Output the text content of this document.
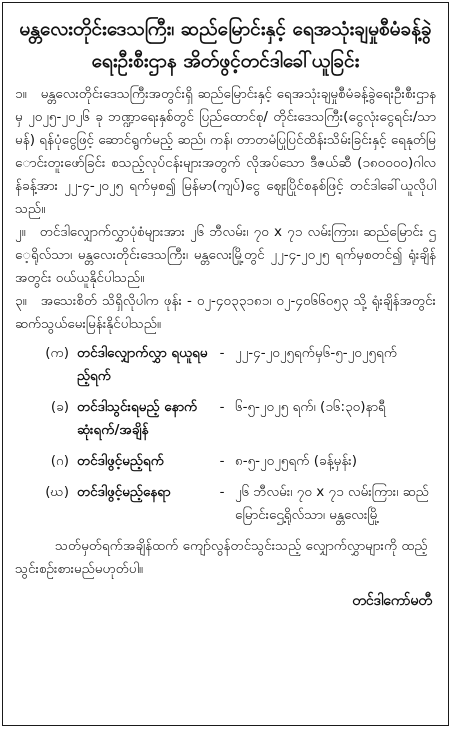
မန္တလေးတိုင်းဒေသကြီး၊ ဆည်မြောင်းနှင့် ရေအသုံးချမှုစီမံခန့်ခွဲရေးဦးစီးဌာန အိတ်ဖွင့်တင်ဒါခေါ်ယူခြင်း

၁။ မန္တလေးတိုင်းဒေသကြီးအတွင်းရှိ ဆည်မြောင်းနှင့် ရေအသုံးချမှုစီမံခန့်ခွဲရေးဦးစီးဌာနမှ ၂၀၂၅-၂၀၂၆ ခု ဘဏ္ဍာရေးနှစ်တွင် ပြည်ထောင်စု/ တိုင်းဒေသကြီး(ငွေလုံးငွေရင်း/သာမန်) ရန်ပုံငွေဖြင့် ဆောင်ရွက်မည့် ဆည်၊ ကန်၊ တာတမံပြုပြင်ထိန်းသိမ်းခြင်းနှင့် ရေနုတ်မြောင်းတူးဖော်ခြင်း စသည့်လုပ်ငန်းများအတွက် လိုအပ်သော ဒီဇယ်ဆီ (၁၈၀၀၀၀)ဂါလန်ခန့်အား ၂၂-၄-၂၀၂၅ ရက်မှစ၍ မြန်မာ(ကျပ်)ငွေ ဈေးပြိုင်စနစ်ဖြင့် တင်ဒါခေါ်ယူလိုပါသည်။

၂။ တင်ဒါလျှောက်လွှာပုံစံများအား ၂၆ ဘီလမ်း၊ ၇၀ x ၇၁ လမ်းကြား၊ ဆည်မြောင်း ဌေ့ရိုလ်သာ၊ မန္တလေးတိုင်းဒေသကြီး၊ မန္တလေးမြို့တွင် ၂၂-၄-၂၀၂၅ ရက်မှစတင်၍ ရုံးချိန်အတွင်း ဝယ်ယူနိုင်ပါသည်။

၃။ အသေးစိတ် သိရှိလိုပါက ဖုန်း - ၀၂-၄၀၃၃၁၈၁၊ ၀၂-၄၀၆၆၀၅၃ သို့ ရုံးချိန်အတွင်း ဆက်သွယ်မေးမြန်းနိုင်ပါသည်။

(က) တင်ဒါလျှောက်လွှာ ရယူရမည့်ရက်
- ၂၂-၄-၂၀၂၅ရက်မှ၆-၅-၂၀၂၅ရက်
(ခ) တင်ဒါသွင်းရမည့် နောက်ဆုံးရက်/အချိန်
- ၆-၅-၂၀၂၅ ရက်၊ (၁၆:၃၀)နာရီ
(ဂ) တင်ဒါဖွင့်မည့်ရက်	- ၈-၅-၂၀၂၅ရက် (ခန့်မှန်း)
(ဃ) တင်ဒါဖွင့်မည့်နေရာ	- ၂၆ ဘီလမ်း၊ ၇၀ x ၇၁ လမ်းကြား၊ ဆည်မြောင်းဌေ့ရိုလ်သာ၊ မန္တလေးမြို့

သတ်မှတ်ရက်အချိန်ထက် ကျော်လွန်တင်သွင်းသည့် လျှောက်လွှာများကို ထည့်သွင်းစဉ်းစားမည်မဟုတ်ပါ။

တင်ဒါကော်မတီ
